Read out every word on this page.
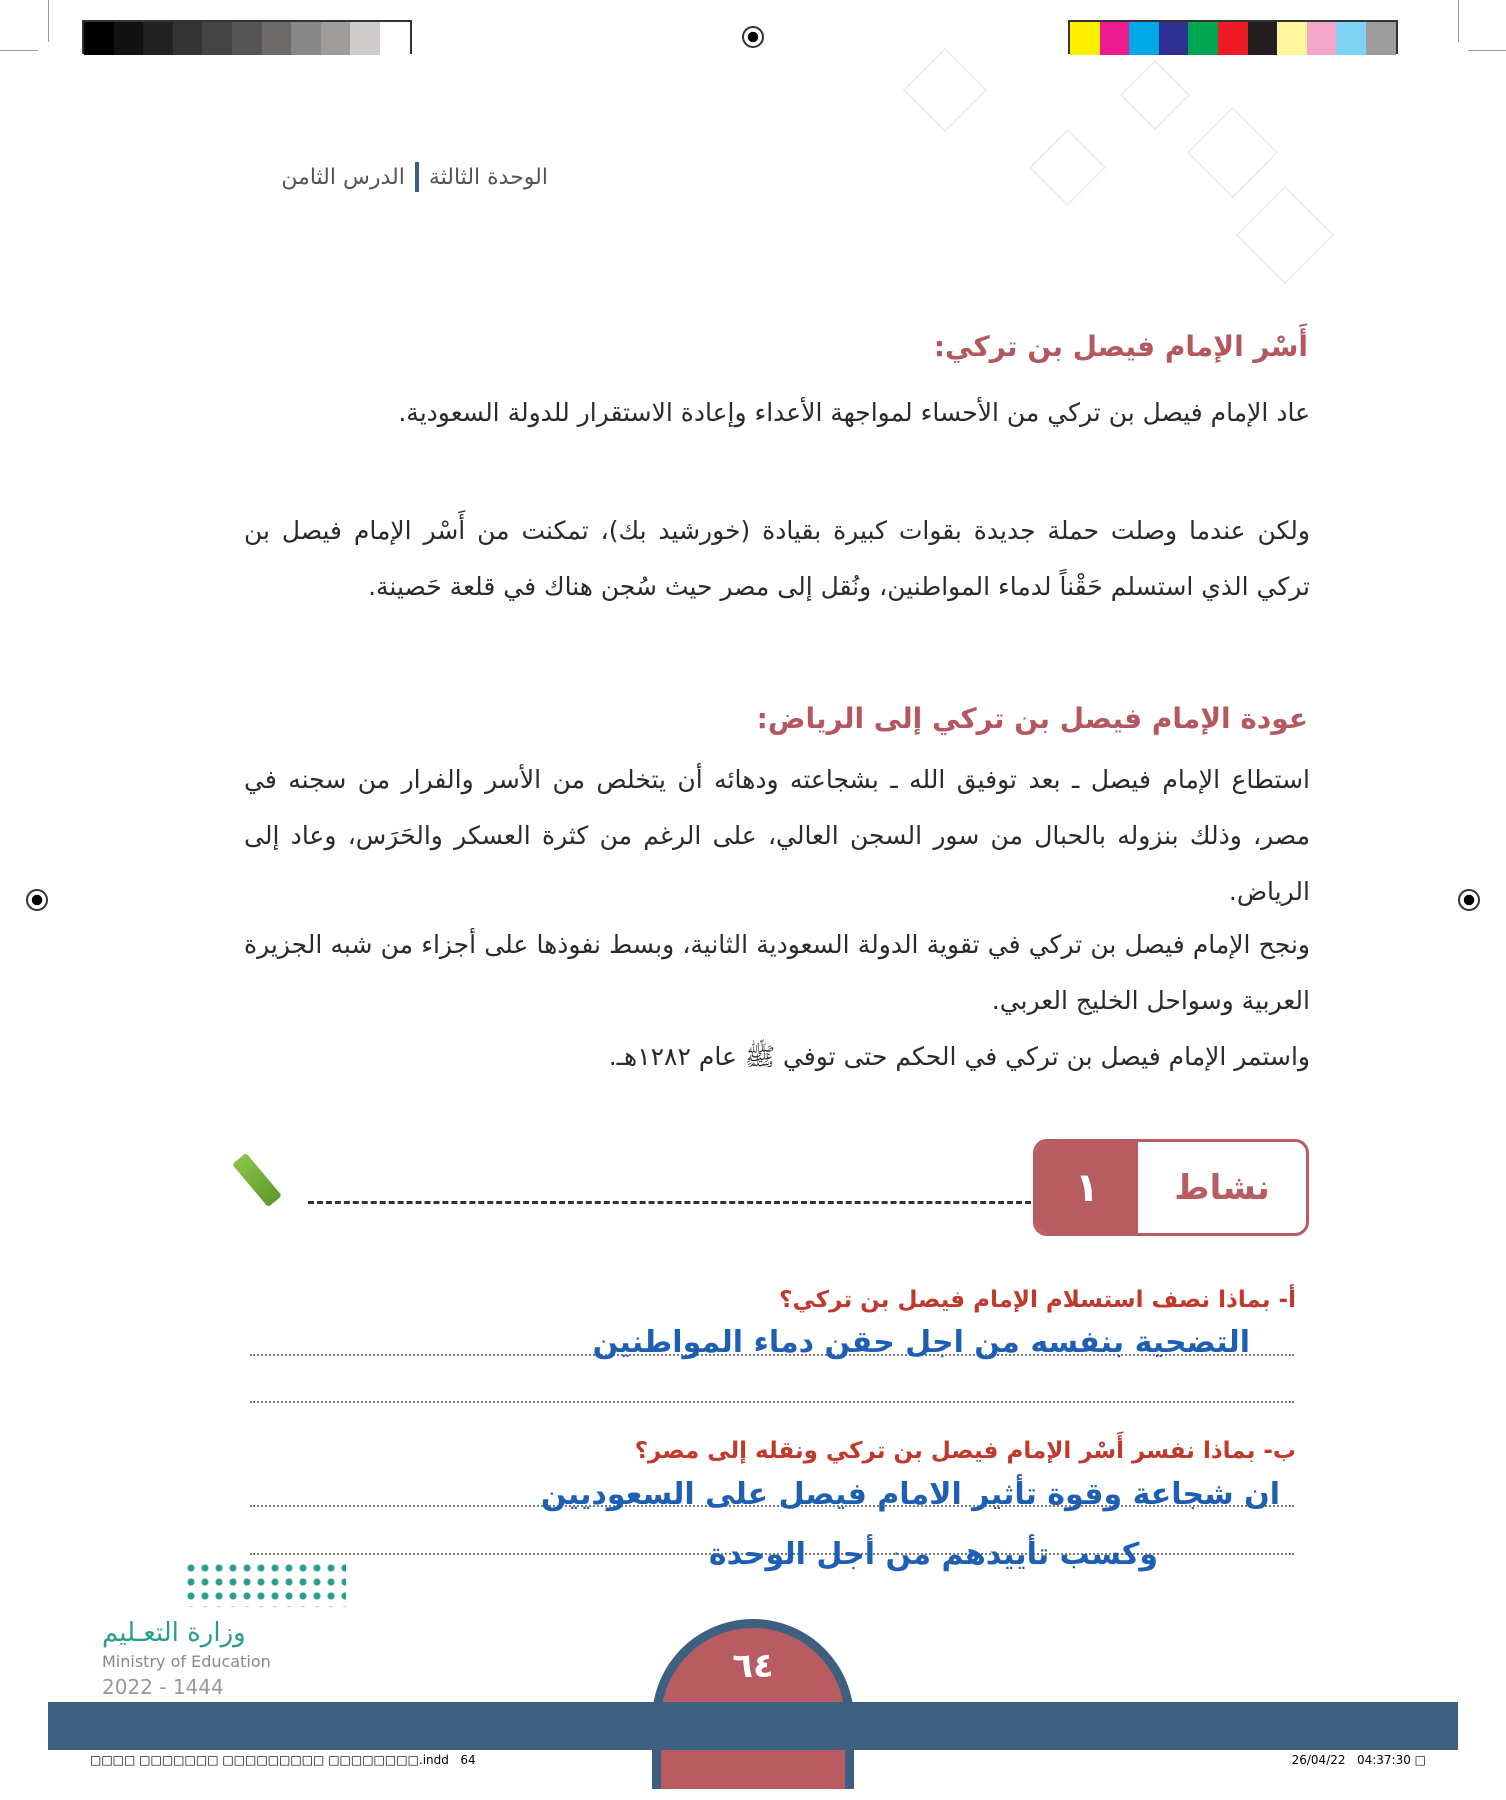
الوحدة الثالثة
الدرس الثامن
أَسْر الإمام فيصل بن تركي:
عاد الإمام فيصل بن تركي من الأحساء لمواجهة الأعداء وإعادة الاستقرار للدولة السعودية.
ولكن عندما وصلت حملة جديدة بقوات كبيرة بقيادة (خورشيد بك)، تمكنت من أَسْر الإمام فيصل بن تركي الذي استسلم حَقْناً لدماء المواطنين، ونُقل إلى مصر حيث سُجن هناك في قلعة حَصينة.
عودة الإمام فيصل بن تركي إلى الرياض:
استطاع الإمام فيصل ـ بعد توفيق الله ـ بشجاعته ودهائه أن يتخلص من الأسر والفرار من سجنه في مصر، وذلك بنزوله بالحبال من سور السجن العالي، على الرغم من كثرة العسكر والحَرَس، وعاد إلى الرياض.
ونجح الإمام فيصل بن تركي في تقوية الدولة السعودية الثانية، وبسط نفوذها على أجزاء من شبه الجزيرة العربية وسواحل الخليج العربي.
واستمر الإمام فيصل بن تركي في الحكم حتى توفي ﷺ عام ١٢٨٢هـ.
١	نشاط
أ- بماذا نصف استسلام الإمام فيصل بن تركي؟
التضحية بنفسه من اجل حقن دماء المواطنين
ب- بماذا نفسر أَسْر الإمام فيصل بن تركي ونقله إلى مصر؟
ان شجاعة وقوة تأثير الامام فيصل على السعوديين
وكسب تأييدهم من أجل الوحدة
وزارة التعـليم
Ministry of Education
2022 - 1444
٦٤
□□□□ □□□□□□□ □□□□□□□□□ □□□□□□□□.indd   64	26/04/22   04:37:30 □
